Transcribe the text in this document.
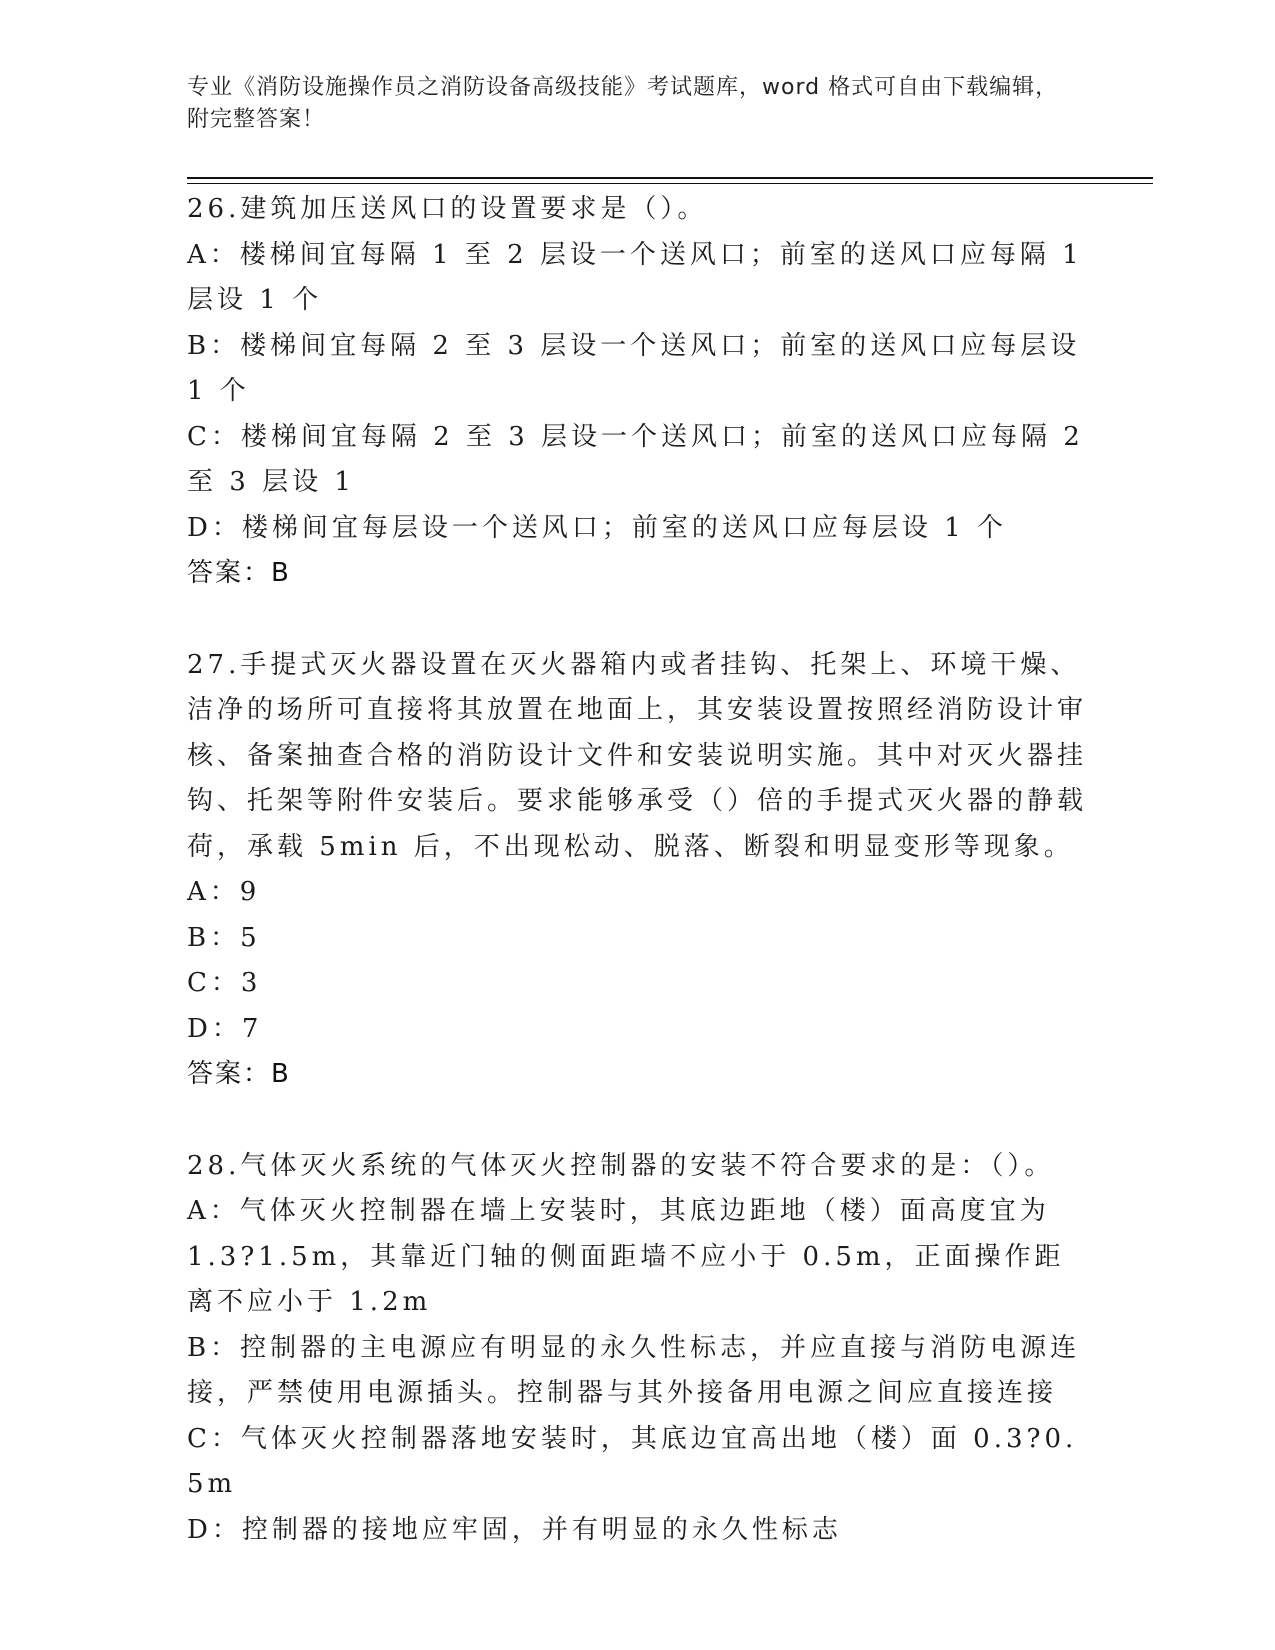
专业《消防设施操作员之消防设备高级技能》考试题库，word 格式可自由下载编辑，附完整答案！
26.建筑加压送风口的设置要求是（）。
A：楼梯间宜每隔 1 至 2 层设一个送风口；前室的送风口应每隔 1 层设 1 个
B：楼梯间宜每隔 2 至 3 层设一个送风口；前室的送风口应每层设 1 个
C：楼梯间宜每隔 2 至 3 层设一个送风口；前室的送风口应每隔 2 至 3 层设 1
D：楼梯间宜每层设一个送风口；前室的送风口应每层设 1 个
答案：B
27.手提式灭火器设置在灭火器箱内或者挂钩、托架上、环境干燥、洁净的场所可直接将其放置在地面上，其安装设置按照经消防设计审核、备案抽查合格的消防设计文件和安装说明实施。其中对灭火器挂钩、托架等附件安装后。要求能够承受（）倍的手提式灭火器的静载荷，承载 5min 后，不出现松动、脱落、断裂和明显变形等现象。
A：9
B：5
C：3
D：7
答案：B
28.气体灭火系统的气体灭火控制器的安装不符合要求的是：（）。
A：气体灭火控制器在墙上安装时，其底边距地（楼）面高度宜为 1.3?1.5m，其靠近门轴的侧面距墙不应小于 0.5m，正面操作距离不应小于 1.2m
B：控制器的主电源应有明显的永久性标志，并应直接与消防电源连接，严禁使用电源插头。控制器与其外接备用电源之间应直接连接
C：气体灭火控制器落地安装时，其底边宜高出地（楼）面 0.3?0.5m
D：控制器的接地应牢固，并有明显的永久性标志
